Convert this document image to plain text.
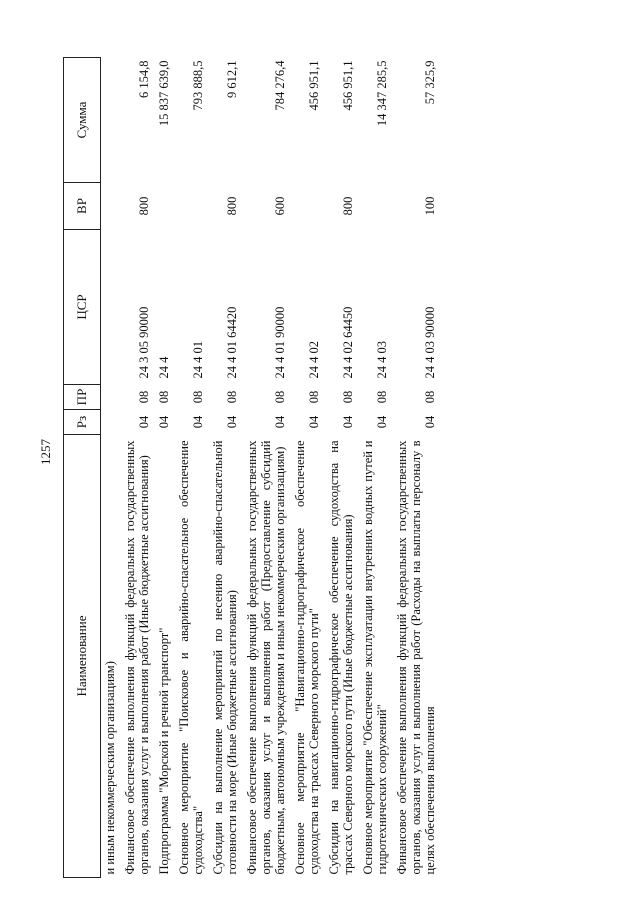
1257
Наименование	Рз	ПР	ЦСР	ВР	Сумма
и иным некоммерческим организациям)					
Финансовое обеспечение выполнения функций федеральных государственных органов, оказания услуг и выполнения работ (Иные бюджетные ассигнования)	04	08	24 3 05 90000	800	6 154,8
Подпрограмма "Морской и речной транспорт"	04	08	24 4		15 837 639,0
Основное мероприятие "Поисковое и аварийно-спасательное обеспечение судоходства"	04	08	24 4 01		793 888,5
Субсидии на выполнение мероприятий по несению аварийно-спасательной готовности на море (Иные бюджетные ассигнования)	04	08	24 4 01 64420	800	9 612,1
Финансовое обеспечение выполнения функций федеральных государственных органов, оказания услуг и выполнения работ (Предоставление субсидий бюджетным, автономным учреждениям и иным некоммерческим организациям)	04	08	24 4 01 90000	600	784 276,4
Основное мероприятие "Навигационно-гидрографическое обеспечение судоходства на трассах Северного морского пути"	04	08	24 4 02		456 951,1
Субсидии на навигационно-гидрографическое обеспечение судоходства на трассах Северного морского пути (Иные бюджетные ассигнования)	04	08	24 4 02 64450	800	456 951,1
Основное мероприятие "Обеспечение эксплуатации внутренних водных путей и гидротехнических сооружений"	04	08	24 4 03		14 347 285,5
Финансовое обеспечение выполнения функций федеральных государственных органов, оказания услуг и выполнения работ (Расходы на выплаты персоналу в целях обеспечения выполнения	04	08	24 4 03 90000	100	57 325,9
